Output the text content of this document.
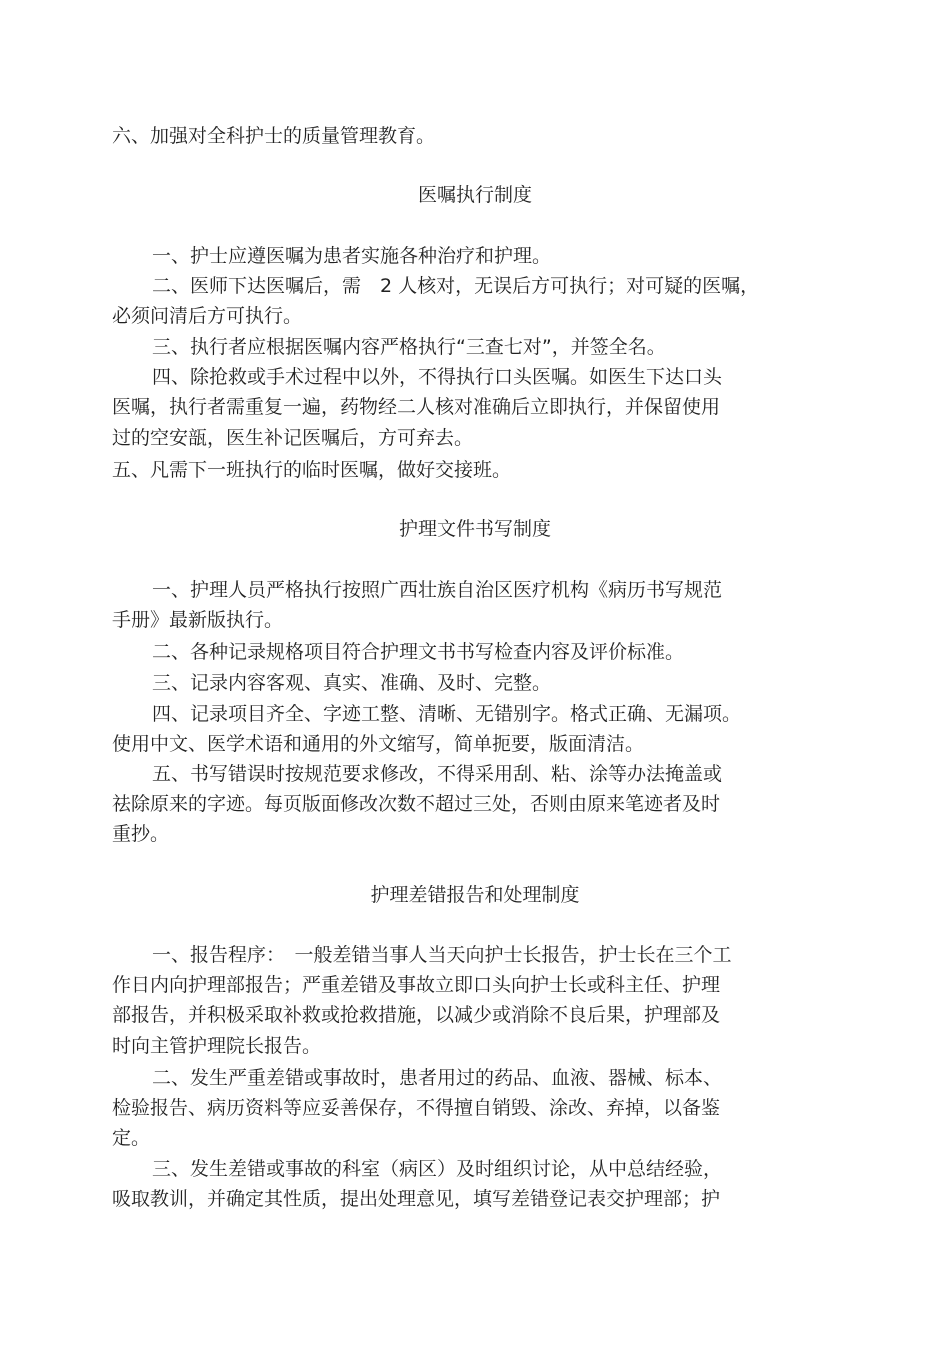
六、加强对全科护士的质量管理教育。
医嘱执行制度
一、护士应遵医嘱为患者实施各种治疗和护理。
二、医师下达医嘱后，需　2 人核对，无误后方可执行；对可疑的医嘱，
必须问清后方可执行。
三、执行者应根据医嘱内容严格执行“三查七对”，并签全名。
四、除抢救或手术过程中以外，不得执行口头医嘱。如医生下达口头
医嘱，执行者需重复一遍，药物经二人核对准确后立即执行，并保留使用
过的空安瓿，医生补记医嘱后，方可弃去。
五、凡需下一班执行的临时医嘱，做好交接班。
护理文件书写制度
一、护理人员严格执行按照广西壮族自治区医疗机构《病历书写规范
手册》最新版执行。
二、各种记录规格项目符合护理文书书写检查内容及评价标准。
三、记录内容客观、真实、准确、及时、完整。
四、记录项目齐全、字迹工整、清晰、无错别字。格式正确、无漏项。
使用中文、医学术语和通用的外文缩写，简单扼要，版面清洁。
五、书写错误时按规范要求修改，不得采用刮、粘、涂等办法掩盖或
祛除原来的字迹。每页版面修改次数不超过三处，否则由原来笔迹者及时
重抄。
护理差错报告和处理制度
一、报告程序：　一般差错当事人当天向护士长报告，护士长在三个工
作日内向护理部报告；严重差错及事故立即口头向护士长或科主任、护理
部报告，并积极采取补救或抢救措施，以减少或消除不良后果，护理部及
时向主管护理院长报告。
二、发生严重差错或事故时，患者用过的药品、血液、器械、标本、
检验报告、病历资料等应妥善保存，不得擅自销毁、涂改、弃掉，以备鉴
定。
三、发生差错或事故的科室（病区）及时组织讨论，从中总结经验，
吸取教训，并确定其性质，提出处理意见，填写差错登记表交护理部；护
